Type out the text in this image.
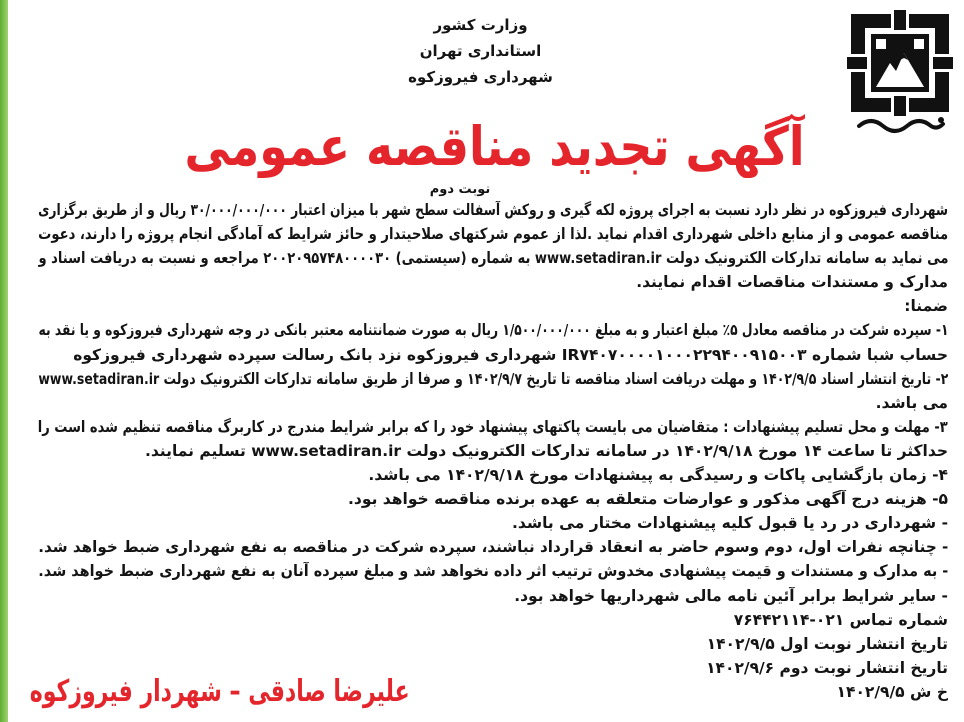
وزارت کشور
استانداری تهران
شهرداری فیروزکوه
آگهی تجدید مناقصه عمومی
نوبت دوم
شهرداری فیروزکوه در نظر دارد نسبت به اجرای پروژه لکه گیری و روکش آسفالت سطح شهر با میزان اعتبار ۳۰/۰۰۰/۰۰۰/۰۰۰ ریال و از طریق برگزاری
مناقصه عمومی و از منابع داخلی شهرداری اقدام نماید .لذا از عموم شرکتهای صلاحیتدار و حائز شرایط که آمادگی انجام پروژه را دارند، دعوت
می نماید به سامانه تدارکات الکترونیک دولت www.setadiran.ir به شماره (سیستمی) ۲۰۰۲۰۹۵۷۴۸۰۰۰۰۳۰ مراجعه و نسبت به دریافت اسناد و
مدارک و مستندات مناقصات اقدام نمایند.
ضمنا:
۱- سپرده شرکت در مناقصه معادل ۵٪ مبلغ اعتبار و به مبلغ ۱/۵۰۰/۰۰۰/۰۰۰ ریال به صورت ضمانتنامه معتبر بانکی در وجه شهرداری فیروزکوه و یا نقد به
حساب شبا شماره IR۷۴۰۷۰۰۰۰۱۰۰۰۲۲۹۴۰۰۹۱۵۰۰۳ شهرداری فیروزکوه نزد بانک رسالت سپرده شهرداری فیروزکوه
۲- تاریخ انتشار اسناد ۱۴۰۲/۹/۵ و مهلت دریافت اسناد مناقصه تا تاریخ ۱۴۰۲/۹/۷ و صرفا از طریق سامانه تدارکات الکترونیک دولت www.setadiran.ir
می باشد.
۳- مهلت و محل تسلیم پیشنهادات : متقاضیان می بایست پاکتهای پیشنهاد خود را که برابر شرایط مندرج در کاربرگ مناقصه تنظیم شده است را
حداکثر تا ساعت ۱۴ مورخ ۱۴۰۲/۹/۱۸ در سامانه تدارکات الکترونیک دولت www.setadiran.ir تسلیم نمایند.
۴- زمان بازگشایی پاکات و رسیدگی به پیشنهادات مورخ ۱۴۰۲/۹/۱۸ می باشد.
۵- هزینه درج آگهی مذکور و عوارضات متعلقه به عهده برنده مناقصه خواهد بود.
- شهرداری در رد یا قبول کلیه پیشنهادات مختار می باشد.
- چنانچه نفرات اول، دوم وسوم حاضر به انعقاد قرارداد نباشند، سپرده شرکت در مناقصه به نفع شهرداری ضبط خواهد شد.
- به مدارک و مستندات و قیمت پیشنهادی مخدوش ترتیب اثر داده نخواهد شد و مبلغ سپرده آنان به نفع شهرداری ضبط خواهد شد.
- سایر شرایط برابر آئین نامه مالی شهرداریها خواهد بود.
شماره تماس ۰۲۱-۷۶۴۴۲۱۱۴
تاریخ انتشار نوبت اول ۱۴۰۲/۹/۵
تاریخ انتشار نوبت دوم ۱۴۰۲/۹/۶
خ ش ۱۴۰۲/۹/۵
علیرضا صادقی – شهردار فیروزکوه
